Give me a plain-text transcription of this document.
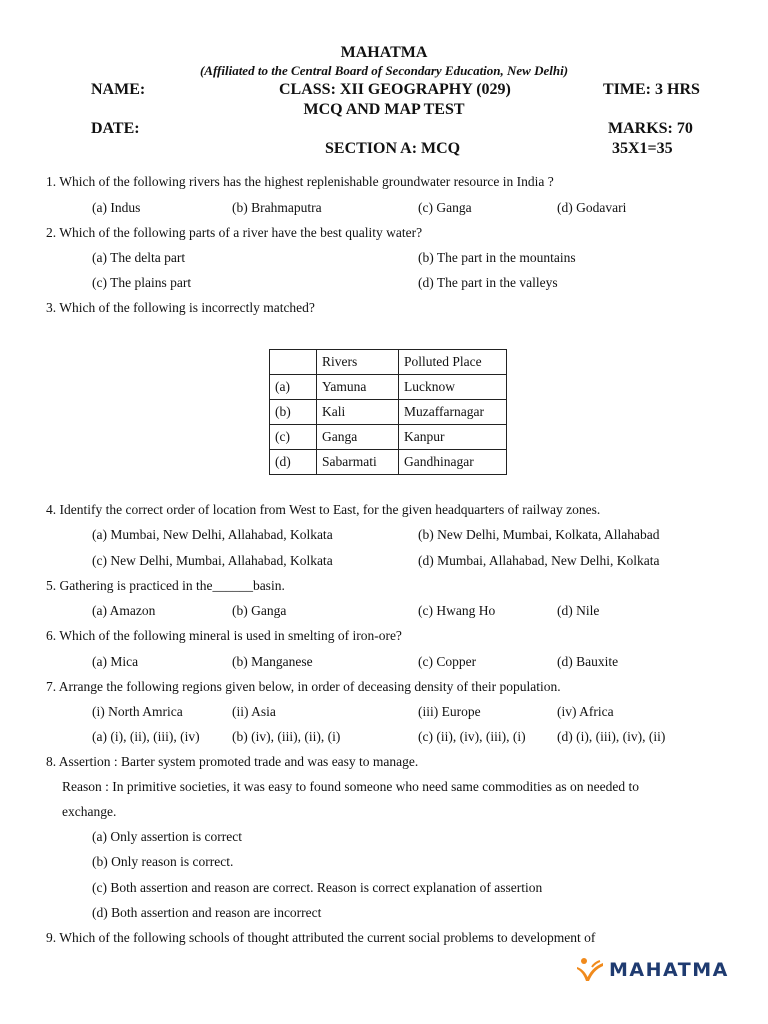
MAHATMA
(Affiliated to the Central Board of Secondary Education, New Delhi)
NAME:	CLASS: XII GEOGRAPHY (029)	TIME: 3 HRS
MCQ AND MAP TEST
DATE:	MARKS: 70
SECTION A: MCQ	35X1=35
1. Which of the following rivers has the highest replenishable groundwater resource in India ?
(a) Indus	(b) Brahmaputra	(c) Ganga	(d) Godavari
2. Which of the following parts of a river have the best quality water?
(a) The delta part	(b) The part in the mountains
(c) The plains part	(d) The part in the valleys
3. Which of the following is incorrectly matched?
	Rivers	Polluted Place
(a)	Yamuna	Lucknow
(b)	Kali	Muzaffarnagar
(c)	Ganga	Kanpur
(d)	Sabarmati	Gandhinagar
4. Identify the correct order of location from West to East, for the given headquarters of railway zones.
(a) Mumbai, New Delhi, Allahabad, Kolkata	(b) New Delhi, Mumbai, Kolkata, Allahabad
(c) New Delhi, Mumbai, Allahabad, Kolkata	(d) Mumbai, Allahabad, New Delhi, Kolkata
5. Gathering is practiced in the______basin.
(a) Amazon	(b) Ganga	(c) Hwang Ho	(d) Nile
6. Which of the following mineral is used in smelting of iron-ore?
(a) Mica	(b) Manganese	(c) Copper	(d) Bauxite
7. Arrange the following regions given below, in order of deceasing density of their population.
(i) North Amrica	(ii) Asia	(iii) Europe	(iv) Africa
(a) (i), (ii), (iii), (iv) (b) (iv), (iii), (ii), (i)	(c) (ii), (iv), (iii), (i) (d) (i), (iii), (iv), (ii)
8. Assertion : Barter system promoted trade and was easy to manage.
Reason : In primitive societies, it was easy to found someone who need same commodities as on needed to
exchange.
(a) Only assertion is correct
(b) Only reason is correct.
(c) Both assertion and reason are correct. Reason is correct explanation of assertion
(d) Both assertion and reason are incorrect
9. Which of the following schools of thought attributed the current social problems to development of
MAHATMA
